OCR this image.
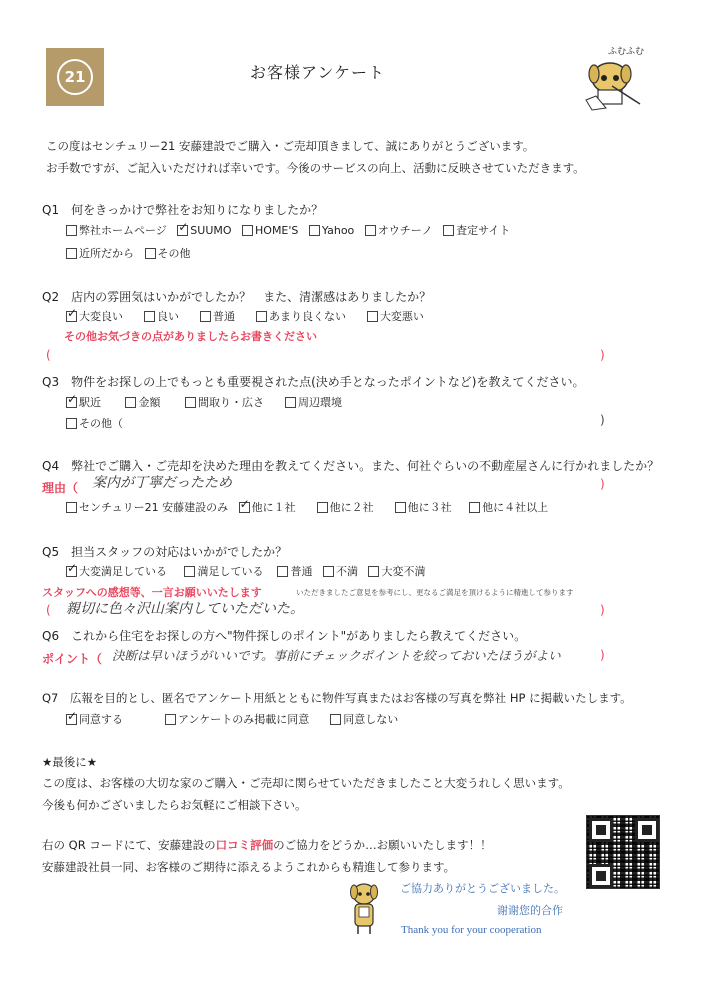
21	お客様アンケート
ふむふむ
この度はセンチュリー21 安藤建設でご購入・ご売却頂きまして、誠にありがとうございます。
お手数ですが、ご記入いただければ幸いです。今後のサービスの向上、活動に反映させていただきます。
Q1　何をきっかけで弊社をお知りになりましたか？
弊社ホームページ ✓ SUUMO HOME'S Yahoo オウチーノ 査定サイト
近所だから その他
Q2　店内の雰囲気はいかがでしたか？　また、清潔感はありましたか？
✓大変良い	良い	普通	あまり良くない	大変悪い
その他お気づきの点がありましたらお書きください
(	)
Q3　物件をお探しの上でもっとも重要視された点(決め手となったポイントなど)を教えてください。
✓駅近	金額	間取り・広さ	周辺環境
その他（	)
Q4　弊社でご購入・ご売却を決めた理由を教えてください。また、何社ぐらいの不動産屋さんに行かれましたか？
理由（ 案内が丁寧だったため	)
センチュリー21 安藤建設のみ ✓ 他に１社	他に２社	他に３社	他に４社以上
Q5　担当スタッフの対応はいかがでしたか？
✓大変満足している	満足している 普通 不満 大変不満
スタッフへの感想等、一言お願いいたします	いただきましたご意見を参考にし、更なるご満足を頂けるように精進して参ります
( 親切に色々沢山案内していただいた。	)
Q6　これから住宅をお探しの方へ"物件探しのポイント"がありましたら教えてください。
ポイント（ 決断は早いほうがいいです。事前にチェックポイントを絞っておいたほうがよい	)
Q7　広報を目的とし、匿名でアンケート用紙とともに物件写真またはお客様の写真を弊社 HP に掲載いたします。
✓同意する	アンケートのみ掲載に同意	同意しない
★最後に★
この度は、お客様の大切な家のご購入・ご売却に関らせていただきましたこと大変うれしく思います。
今後も何かございましたらお気軽にご相談下さい。
右の QR コードにて、安藤建設の口コミ評価のご協力をどうか…お願いいたします！！
安藤建設社員一同、お客様のご期待に添えるようこれからも精進して参ります。
ご協力ありがとうございました。
谢谢您的合作
Thank you for your cooperation
